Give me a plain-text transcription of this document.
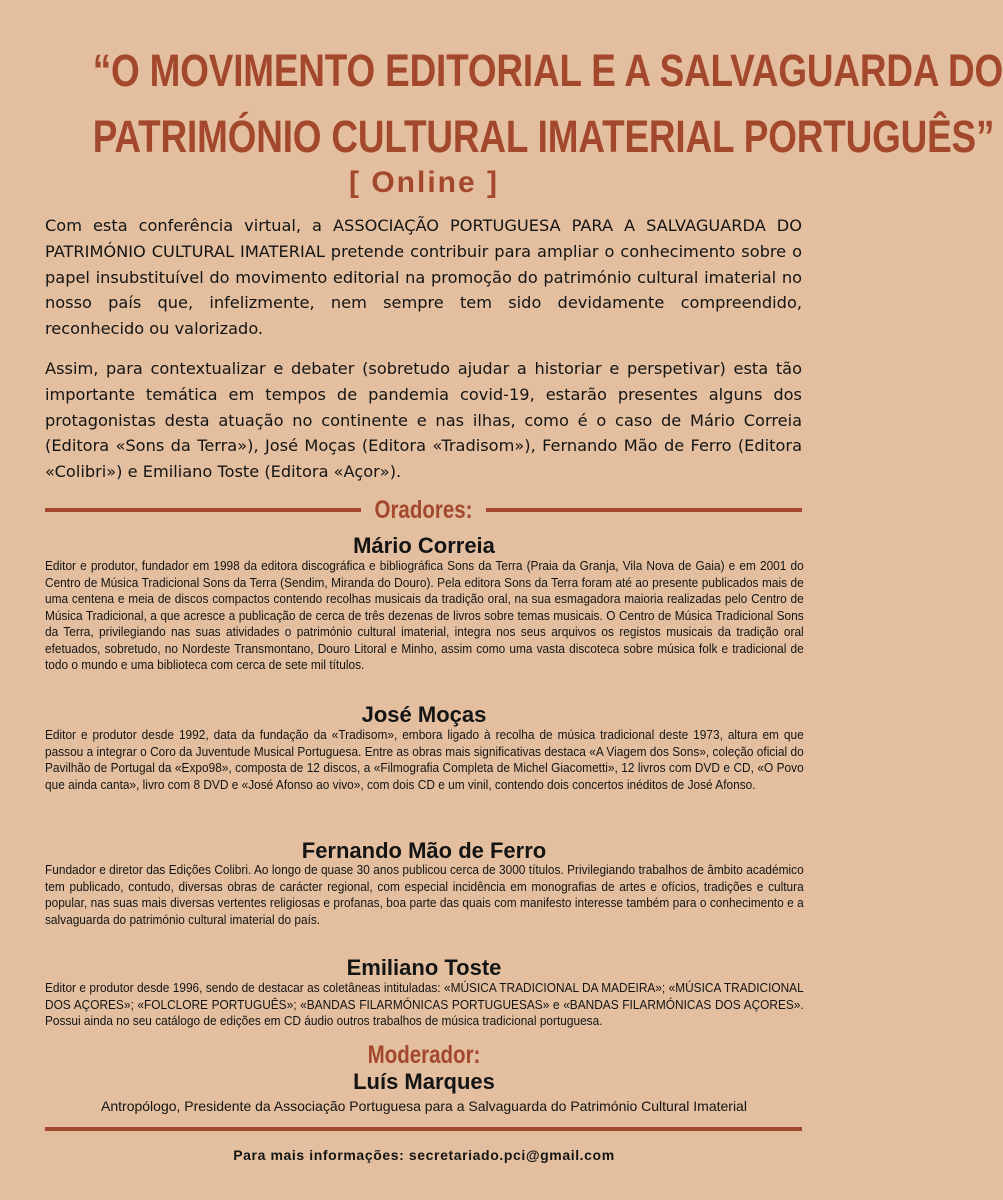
“O MOVIMENTO EDITORIAL E A SALVAGUARDA DO
PATRIMÓNIO CULTURAL IMATERIAL PORTUGUÊS”
[ Online ]

Com esta conferência virtual, a ASSOCIAÇÃO PORTUGUESA PARA A SALVAGUARDA DO PATRIMÓNIO CULTURAL IMATERIAL pretende contribuir para ampliar o conhecimento sobre o papel insubstituível do movimento editorial na promoção do património cultural imaterial no nosso país que, infelizmente, nem sempre tem sido devidamente compreendido, reconhecido ou valorizado.

Assim, para contextualizar e debater (sobretudo ajudar a historiar e perspetivar) esta tão importante temática em tempos de pandemia covid-19, estarão presentes alguns dos protagonistas desta atuação no continente e nas ilhas, como é o caso de Mário Correia (Editora «Sons da Terra»), José Moças (Editora «Tradisom»), Fernando Mão de Ferro (Editora «Colibri») e Emiliano Toste (Editora «Açor»).

Oradores:
Mário Correia

Editor e produtor, fundador em 1998 da editora discográfica e bibliográfica Sons da Terra (Praia da Granja, Vila Nova de Gaia) e em 2001 do Centro de Música Tradicional Sons da Terra (Sendim, Miranda do Douro). Pela editora Sons da Terra foram até ao presente publicados mais de uma centena e meia de discos compactos contendo recolhas musicais da tradição oral, na sua esmagadora maioria realizadas pelo Centro de Música Tradicional, a que acresce a publicação de cerca de três dezenas de livros sobre temas musicais. O Centro de Música Tradicional Sons da Terra, privilegiando nas suas atividades o património cultural imaterial, integra nos seus arquivos os registos musicais da tradição oral efetuados, sobretudo, no Nordeste Transmontano, Douro Litoral e Minho, assim como uma vasta discoteca sobre música folk e tradicional de todo o mundo e uma biblioteca com cerca de sete mil títulos.

José Moças

Editor e produtor desde 1992, data da fundação da «Tradisom», embora ligado à recolha de música tradicional deste 1973, altura em que passou a integrar o Coro da Juventude Musical Portuguesa. Entre as obras mais significativas destaca «A Viagem dos Sons», coleção oficial do Pavilhão de Portugal da «Expo98», composta de 12 discos, a «Filmografia Completa de Michel Giacometti», 12 livros com DVD e CD, «O Povo que ainda canta», livro com 8 DVD e «José Afonso ao vivo», com dois CD e um vinil, contendo dois concertos inéditos de José Afonso.

Fernando Mão de Ferro

Fundador e diretor das Edições Colibri. Ao longo de quase 30 anos publicou cerca de 3000 títulos. Privilegiando trabalhos de âmbito académico tem publicado, contudo, diversas obras de carácter regional, com especial incidência em monografias de artes e ofícios, tradições e cultura popular, nas suas mais diversas vertentes religiosas e profanas, boa parte das quais com manifesto interesse também para o conhecimento e a salvaguarda do património cultural imaterial do país.

Emiliano Toste

Editor e produtor desde 1996, sendo de destacar as coletâneas intituladas: «MÚSICA TRADICIONAL DA MADEIRA»; «MÚSICA TRADICIONAL DOS AÇORES»; «FOLCLORE PORTUGUÊS»; «BANDAS FILARMÓNICAS PORTUGUESAS» e «BANDAS FILARMÓNICAS DOS AÇORES». Possui ainda no seu catálogo de edições em CD áudio outros trabalhos de música tradicional portuguesa.

Moderador:
Luís Marques
Antropólogo, Presidente da Associação Portuguesa para a Salvaguarda do Património Cultural Imaterial
Para mais informações: secretariado.pci@gmail.com
